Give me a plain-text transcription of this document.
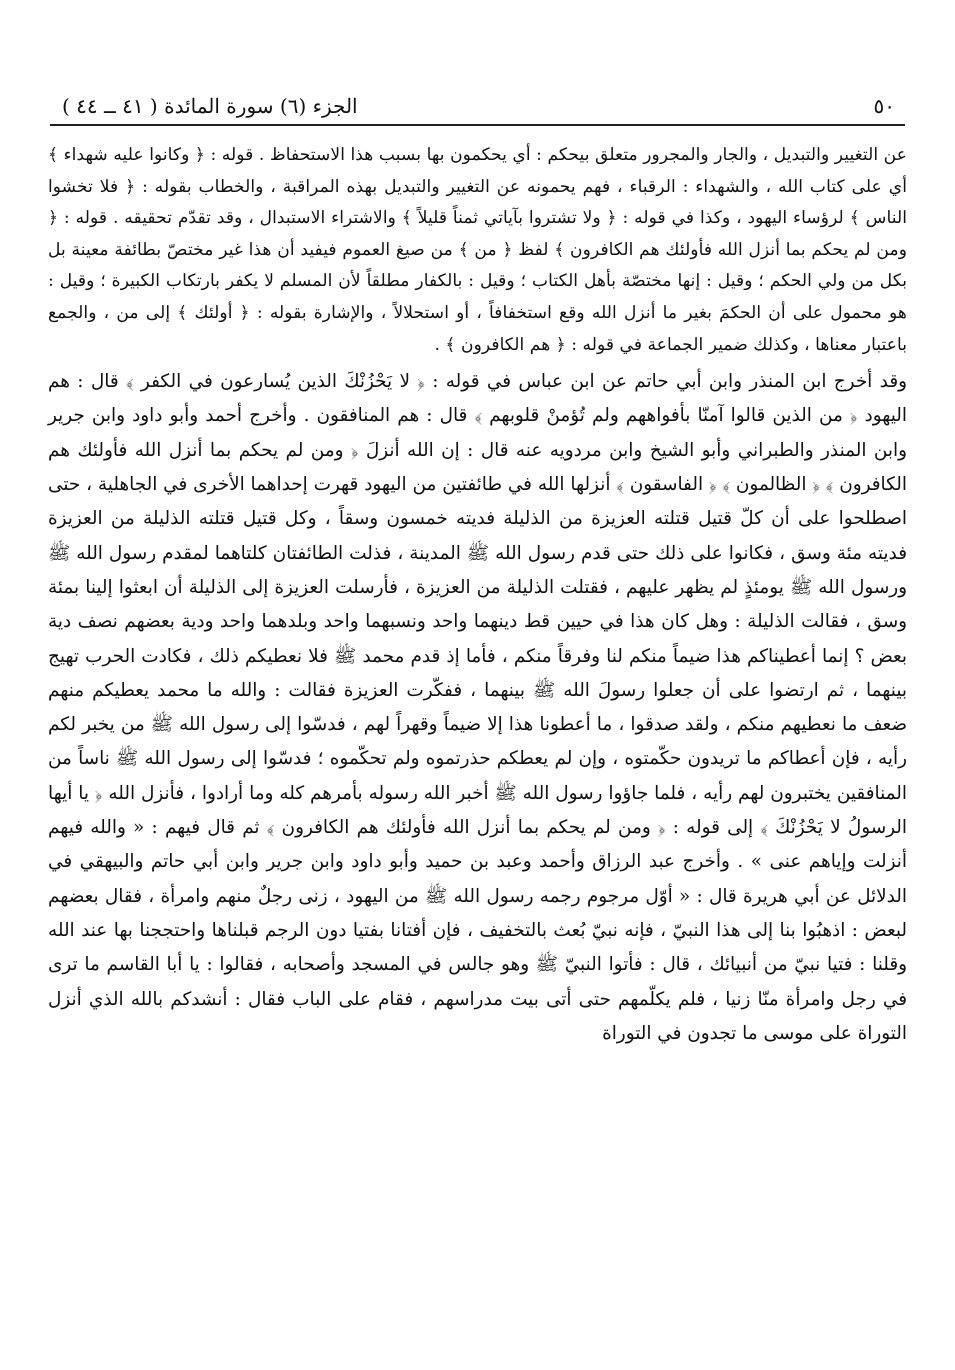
٥٠
الجزء (٦) سورة المائدة ( ٤١ ــ ٤٤ )

عن التغيير والتبديل ، والجار والمجرور متعلق بيحكم : أي يحكمون بها بسبب هذا الاستحفاظ . قوله : ﴿ وكانوا عليه شهداء ﴾ أي على كتاب الله ، والشهداء : الرقباء ، فهم يحمونه عن التغيير والتبديل بهذه المراقبة ، والخطاب بقوله : ﴿ فلا تخشوا الناس ﴾ لرؤساء اليهود ، وكذا في قوله : ﴿ ولا تشتروا بآياتي ثمناً قليلاً ﴾ والاشتراء الاستبدال ، وقد تقدّم تحقيقه . قوله : ﴿ ومن لم يحكم بما أنزل الله فأولئك هم الكافرون ﴾ لفظ ﴿ من ﴾ من صيغ العموم فيفيد أن هذا غير مختصّ بطائفة معينة بل بكل من ولي الحكم ؛ وقيل : إنها مختصّة بأهل الكتاب ؛ وقيل : بالكفار مطلقاً لأن المسلم لا يكفر بارتكاب الكبيرة ؛ وقيل : هو محمول على أن الحكمَ بغير ما أنزل الله وقع استخفافاً ، أو استحلالاً ، والإشارة بقوله : ﴿ أولئك ﴾ إلى من ، والجمع باعتبار معناها ، وكذلك ضمير الجماعة في قوله : ﴿ هم الكافرون ﴾ .

وقد أخرج ابن المنذر وابن أبي حاتم عن ابن عباس في قوله : ﴿ لا يَحْزُنْكَ الذين يُسارعون في الكفر ﴾ قال : هم اليهود ﴿ من الذين قالوا آمنّا بأفواههم ولم تُؤمنْ قلوبهم ﴾ قال : هم المنافقون . وأخرج أحمد وأبو داود وابن جرير وابن المنذر والطبراني وأبو الشيخ وابن مردويه عنه قال : إن الله أنزلَ ﴿ ومن لم يحكم بما أنزل الله فأولئك هم الكافرون ﴾ ﴿ الظالمون ﴾ ﴿ الفاسقون ﴾ أنزلها الله في طائفتين من اليهود قهرت إحداهما الأخرى في الجاهلية ، حتى اصطلحوا على أن كلّ قتيل قتلته العزيزة من الذليلة فديته خمسون وسقاً ، وكل قتيل قتلته الذليلة من العزيزة فديته مئة وسق ، فكانوا على ذلك حتى قدم رسول الله ﷺ المدينة ، فذلت الطائفتان كلتاهما لمقدم رسول الله ﷺ ورسول الله ﷺ يومئذٍ لم يظهر عليهم ، فقتلت الذليلة من العزيزة ، فأرسلت العزيزة إلى الذليلة أن ابعثوا إلينا بمئة وسق ، فقالت الذليلة : وهل كان هذا في حيين قط دينهما واحد ونسبهما واحد وبلدهما واحد ودية بعضهم نصف دية بعض ؟ إنما أعطيناكم هذا ضيماً منكم لنا وفرقاً منكم ، فأما إذ قدم محمد ﷺ فلا نعطيكم ذلك ، فكادت الحرب تهيج بينهما ، ثم ارتضوا على أن جعلوا رسولَ الله ﷺ بينهما ، ففكّرت العزيزة فقالت : والله ما محمد يعطيكم منهم ضعف ما نعطيهم منكم ، ولقد صدقوا ، ما أعطونا هذا إلا ضيماً وقهراً لهم ، فدسّوا إلى رسول الله ﷺ من يخبر لكم رأيه ، فإن أعطاكم ما تريدون حكّمتوه ، وإن لم يعطكم حذرتموه ولم تحكّموه ؛ فدسّوا إلى رسول الله ﷺ ناساً من المنافقين يختبرون لهم رأيه ، فلما جاؤوا رسول الله ﷺ أخبر الله رسوله بأمرهم كله وما أرادوا ، فأنزل الله ﴿ يا أيها الرسولُ لا يَحْزُنْكَ ﴾ إلى قوله : ﴿ ومن لم يحكم بما أنزل الله فأولئك هم الكافرون ﴾ ثم قال فيهم : « والله فيهم أنزلت وإياهم عنى » . وأخرج عبد الرزاق وأحمد وعبد بن حميد وأبو داود وابن جرير وابن أبي حاتم والبيهقي في الدلائل عن أبي هريرة قال : « أوّل مرجوم رجمه رسول الله ﷺ من اليهود ، زنى رجلٌ منهم وامرأة ، فقال بعضهم لبعض : اذهبُوا بنا إلى هذا النبيّ ، فإنه نبيّ بُعث بالتخفيف ، فإن أفتانا بفتيا دون الرجم قبلناها واحتججنا بها عند الله وقلنا : فتيا نبيّ من أنبيائك ، قال : فأتوا النبيّ ﷺ وهو جالس في المسجد وأصحابه ، فقالوا : يا أبا القاسم ما ترى في رجل وامرأة منّا زنيا ، فلم يكلّمهم حتى أتى بيت مدراسهم ، فقام على الباب فقال : أنشدكم بالله الذي أنزل التوراة على موسى ما تجدون في التوراة
